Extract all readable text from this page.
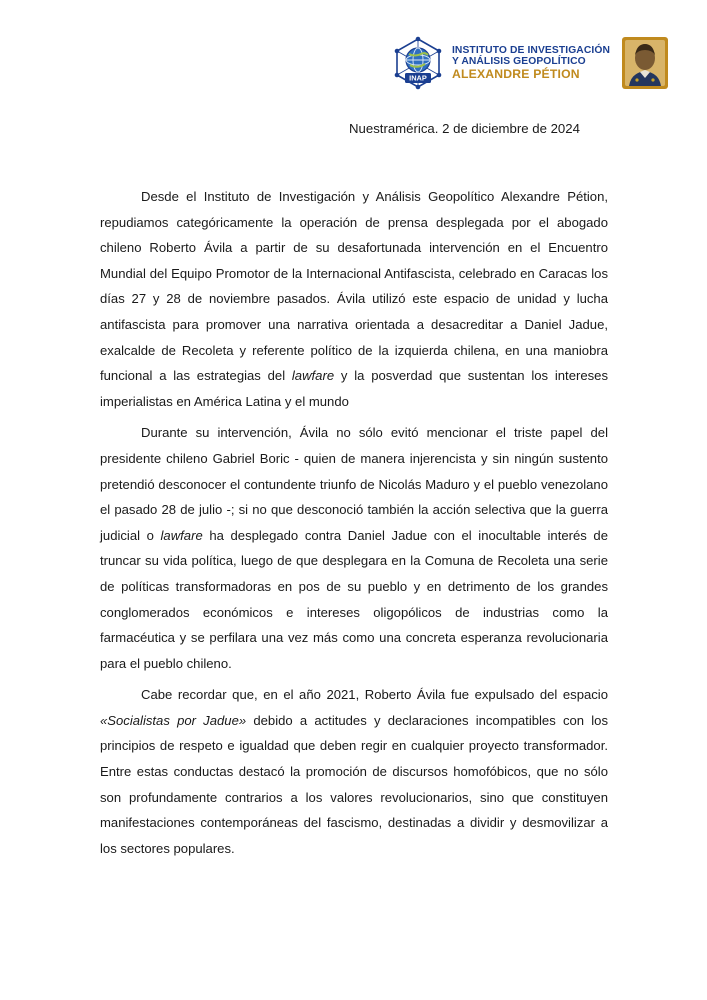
INAP
INSTITUTO DE INVESTIGACIÓN
Y ANÁLISIS GEOPOLÍTICO
ALEXANDRE PÉTION
Nuestramérica. 2 de diciembre de 2024

Desde el Instituto de Investigación y Análisis Geopolítico Alexandre Pétion, repudiamos categóricamente la operación de prensa desplegada por el abogado chileno Roberto Ávila a partir de su desafortunada intervención en el Encuentro Mundial del Equipo Promotor de la Internacional Antifascista, celebrado en Caracas los días 27 y 28 de noviembre pasados. Ávila utilizó este espacio de unidad y lucha antifascista para promover una narrativa orientada a desacreditar a Daniel Jadue, exalcalde de Recoleta y referente político de la izquierda chilena, en una maniobra funcional a las estrategias del lawfare y la posverdad que sustentan los intereses imperialistas en América Latina y el mundo

Durante su intervención, Ávila no sólo evitó mencionar el triste papel del presidente chileno Gabriel Boric - quien de manera injerencista y sin ningún sustento pretendió desconocer el contundente triunfo de Nicolás Maduro y el pueblo venezolano el pasado 28 de julio -; si no que desconoció también la acción selectiva que la guerra judicial o lawfare ha desplegado contra Daniel Jadue con el inocultable interés de truncar su vida política, luego de que desplegara en la Comuna de Recoleta una serie de políticas transformadoras en pos de su pueblo y en detrimento de los grandes conglomerados económicos e intereses oligopólicos de industrias como la farmacéutica y se perfilara una vez más como una concreta esperanza revolucionaria para el pueblo chileno.

Cabe recordar que, en el año 2021, Roberto Ávila fue expulsado del espacio «Socialistas por Jadue» debido a actitudes y declaraciones incompatibles con los principios de respeto e igualdad que deben regir en cualquier proyecto transformador. Entre estas conductas destacó la promoción de discursos homofóbicos, que no sólo son profundamente contrarios a los valores revolucionarios, sino que constituyen manifestaciones contemporáneas del fascismo, destinadas a dividir y desmovilizar a los sectores populares.
